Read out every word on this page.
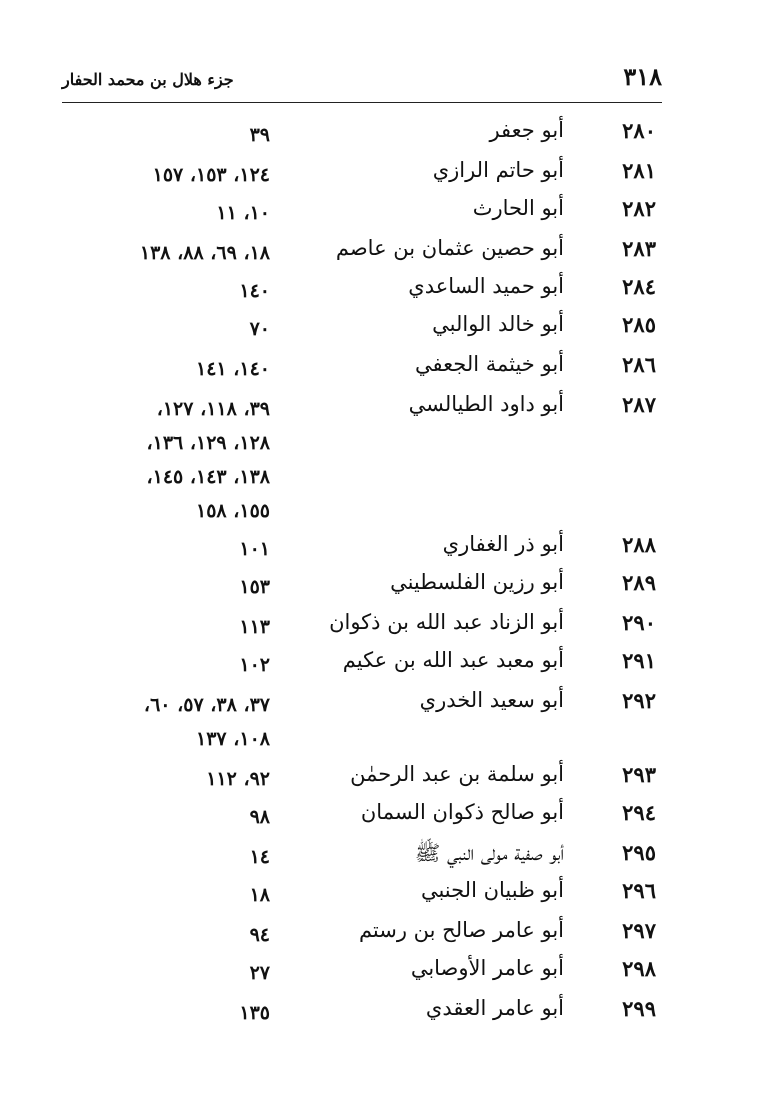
جزء هلال بن محمد الحفار	٣١٨
٢٨٠
أبو جعفر
٣٩
٢٨١
أبو حاتم الرازي
١٢٤، ١٥٣، ١٥٧
٢٨٢
أبو الحارث
١٠، ١١
٢٨٣
أبو حصين عثمان بن عاصم
١٨، ٦٩، ٨٨، ١٣٨
٢٨٤
أبو حميد الساعدي
١٤٠
٢٨٥
أبو خالد الوالبي
٧٠
٢٨٦
أبو خيثمة الجعفي
١٤٠، ١٤١
٢٨٧
أبو داود الطيالسي
٣٩، ١١٨، ١٢٧،
١٢٨، ١٢٩، ١٣٦،
١٣٨، ١٤٣، ١٤٥،
١٥٥، ١٥٨
٢٨٨
أبو ذر الغفاري
١٠١
٢٨٩
أبو رزين الفلسطيني
١٥٣
٢٩٠
أبو الزناد عبد الله بن ذكوان
١١٣
٢٩١
أبو معبد عبد الله بن عكيم
١٠٢
٢٩٢
أبو سعيد الخدري
٣٧، ٣٨، ٥٧، ٦٠،
١٠٨، ١٣٧
٢٩٣
أبو سلمة بن عبد الرحمٰن
٩٢، ١١٢
٢٩٤
أبو صالح ذكوان السمان
٩٨
٢٩٥
أبو صفية مولى النبي ﷺ
١٤
٢٩٦
أبو ظبيان الجنبي
١٨
٢٩٧
أبو عامر صالح بن رستم
٩٤
٢٩٨
أبو عامر الأوصابي
٢٧
٢٩٩
أبو عامر العقدي
١٣٥
